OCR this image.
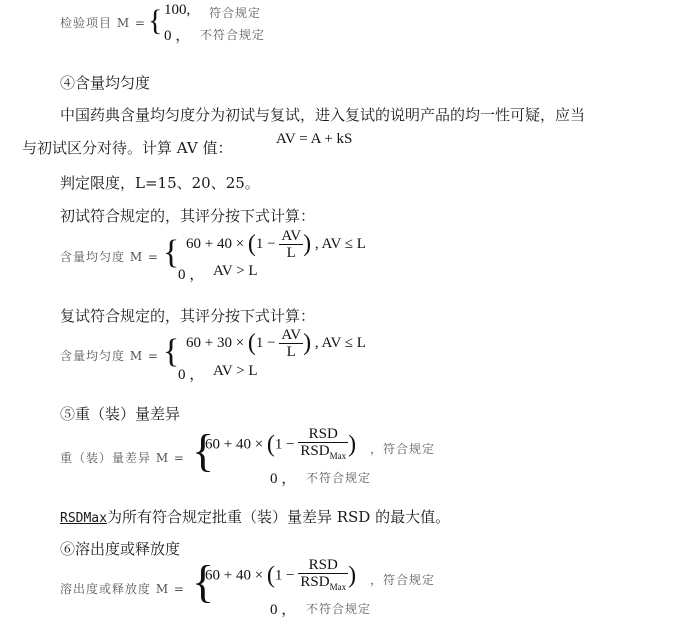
检验项目 M = { 100, 符合规定
0 ， 不符合规定
④含量均匀度
中国药典含量均匀度分为初试与复试，进入复试的说明产品的均一性可疑，应当
与初试区分对待。计算 AV 值：	AV = A + kS
判定限度，L=15、20、25。
初试符合规定的，其评分按下式计算：
含量均匀度 M = { $60 + 40 \times (1 - \frac{AV}{L}$ ) , AV ≤ L
0 ， AV > L
复试符合规定的，其评分按下式计算：
含量均匀度 M = { $60 + 30 \times (1 - \frac{AV}{L}$ ) , AV ≤ L
0 ， AV > L
⑤重（装）量差异
重（装）量差异 M = {
$60 + 40 \times (1 - \frac{\text{RSD}}{RSD_{Max}}$ ) ，符合规定
0 ， 不符合规定
RSDMax为所有符合规定批重（装）量差异 RSD 的最大值。
⑥溶出度或释放度
溶出度或释放度 M = {
$60 + 40 \times (1 - \frac{\text{RSD}}{RSD_{Max}}$ ) ，符合规定
0 ， 不符合规定
